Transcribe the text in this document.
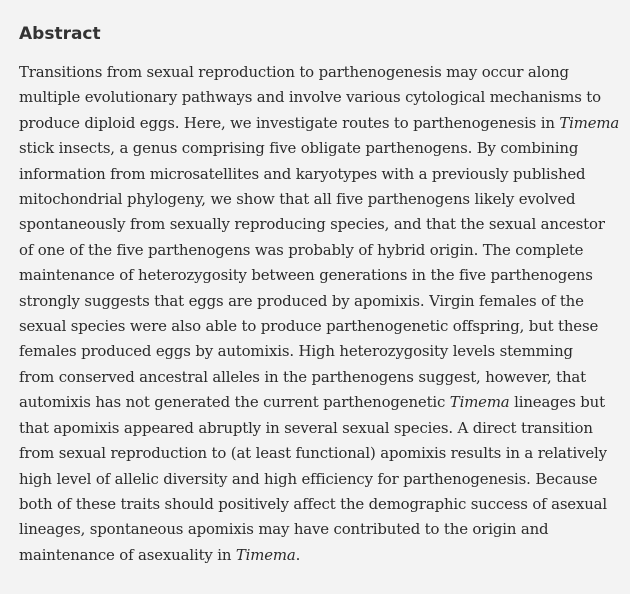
Abstract

Transitions from sexual reproduction to parthenogenesis may occur along
multiple evolutionary pathways and involve various cytological mechanisms to
produce diploid eggs. Here, we investigate routes to parthenogenesis in Timema
stick insects, a genus comprising five obligate parthenogens. By combining
information from microsatellites and karyotypes with a previously published
mitochondrial phylogeny, we show that all five parthenogens likely evolved
spontaneously from sexually reproducing species, and that the sexual ancestor
of one of the five parthenogens was probably of hybrid origin. The complete
maintenance of heterozygosity between generations in the five parthenogens
strongly suggests that eggs are produced by apomixis. Virgin females of the
sexual species were also able to produce parthenogenetic offspring, but these
females produced eggs by automixis. High heterozygosity levels stemming
from conserved ancestral alleles in the parthenogens suggest, however, that
automixis has not generated the current parthenogenetic Timema lineages but
that apomixis appeared abruptly in several sexual species. A direct transition
from sexual reproduction to (at least functional) apomixis results in a relatively
high level of allelic diversity and high efficiency for parthenogenesis. Because
both of these traits should positively affect the demographic success of asexual
lineages, spontaneous apomixis may have contributed to the origin and
maintenance of asexuality in Timema.
